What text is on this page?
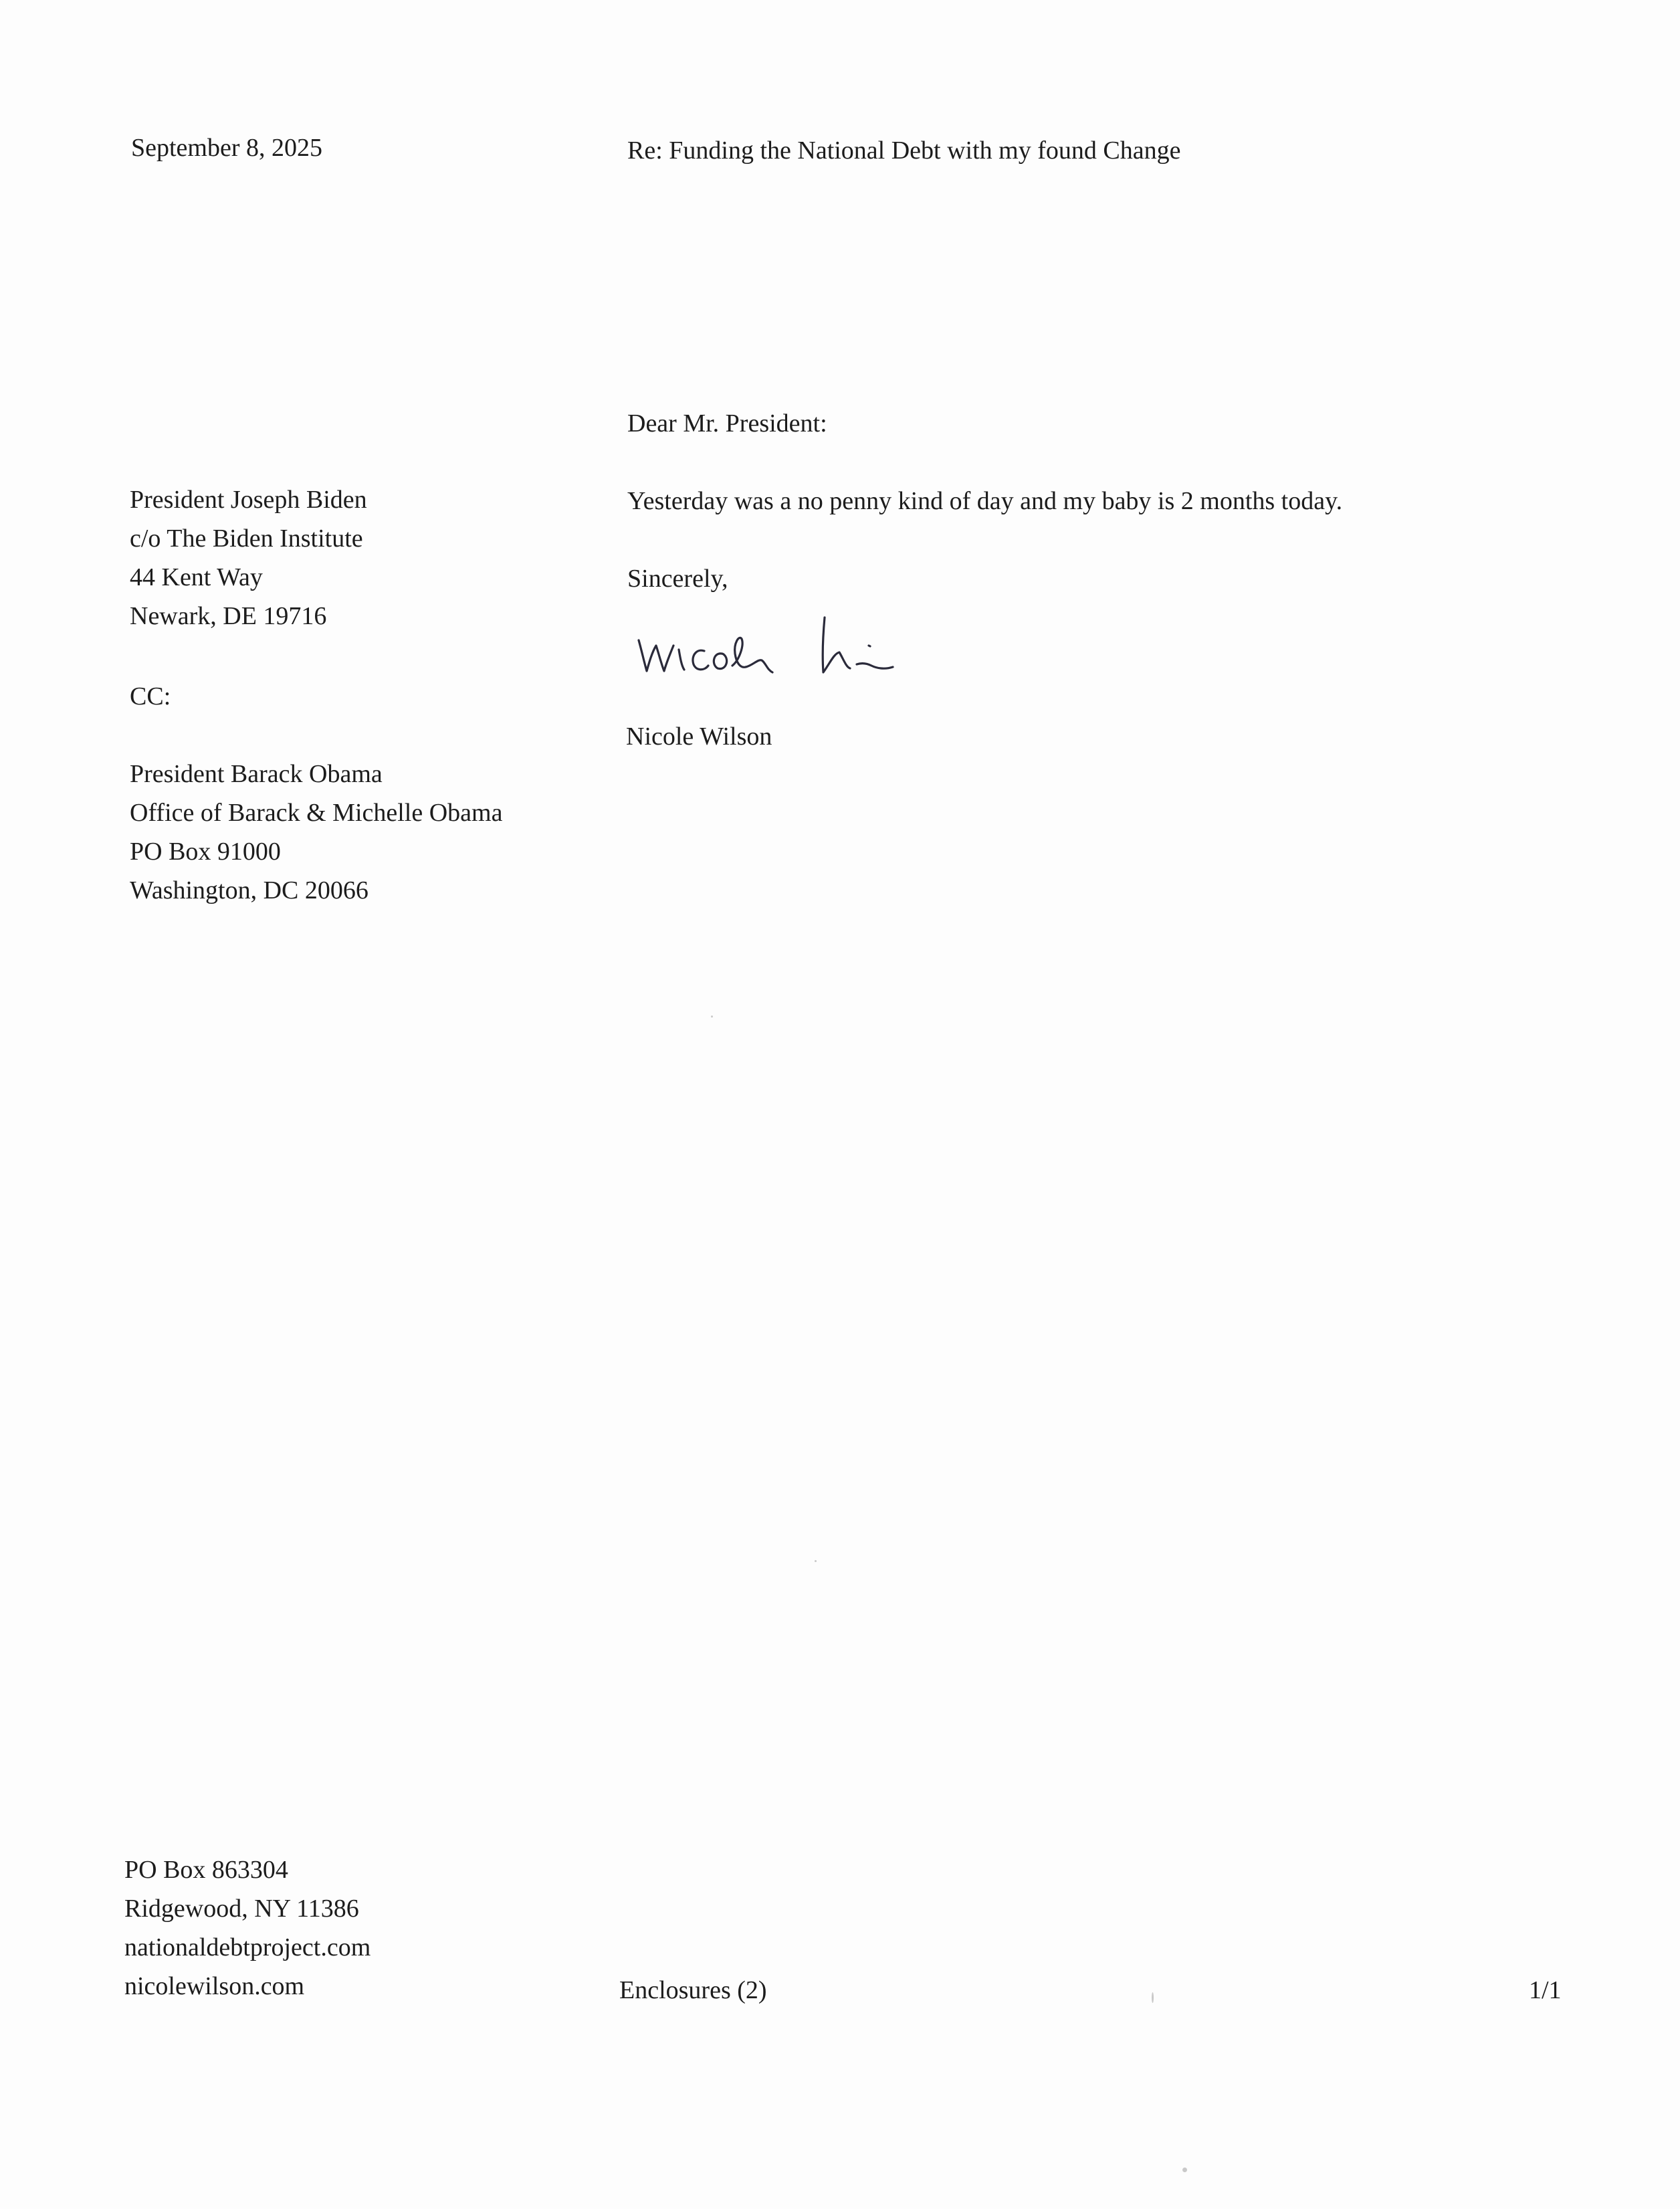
September 8, 2025	Re: Funding the National Debt with my found Change
Dear Mr. President:
President Joseph Biden
c/o The Biden Institute
44 Kent Way
Newark, DE 19716
Yesterday was a no penny kind of day and my baby is 2 months today.
Sincerely,
Nicole Wilson
CC:
President Barack Obama
Office of Barack & Michelle Obama
PO Box 91000
Washington, DC 20066
PO Box 863304
Ridgewood, NY 11386
nationaldebtproject.com
nicolewilson.com	Enclosures (2)	1/1
